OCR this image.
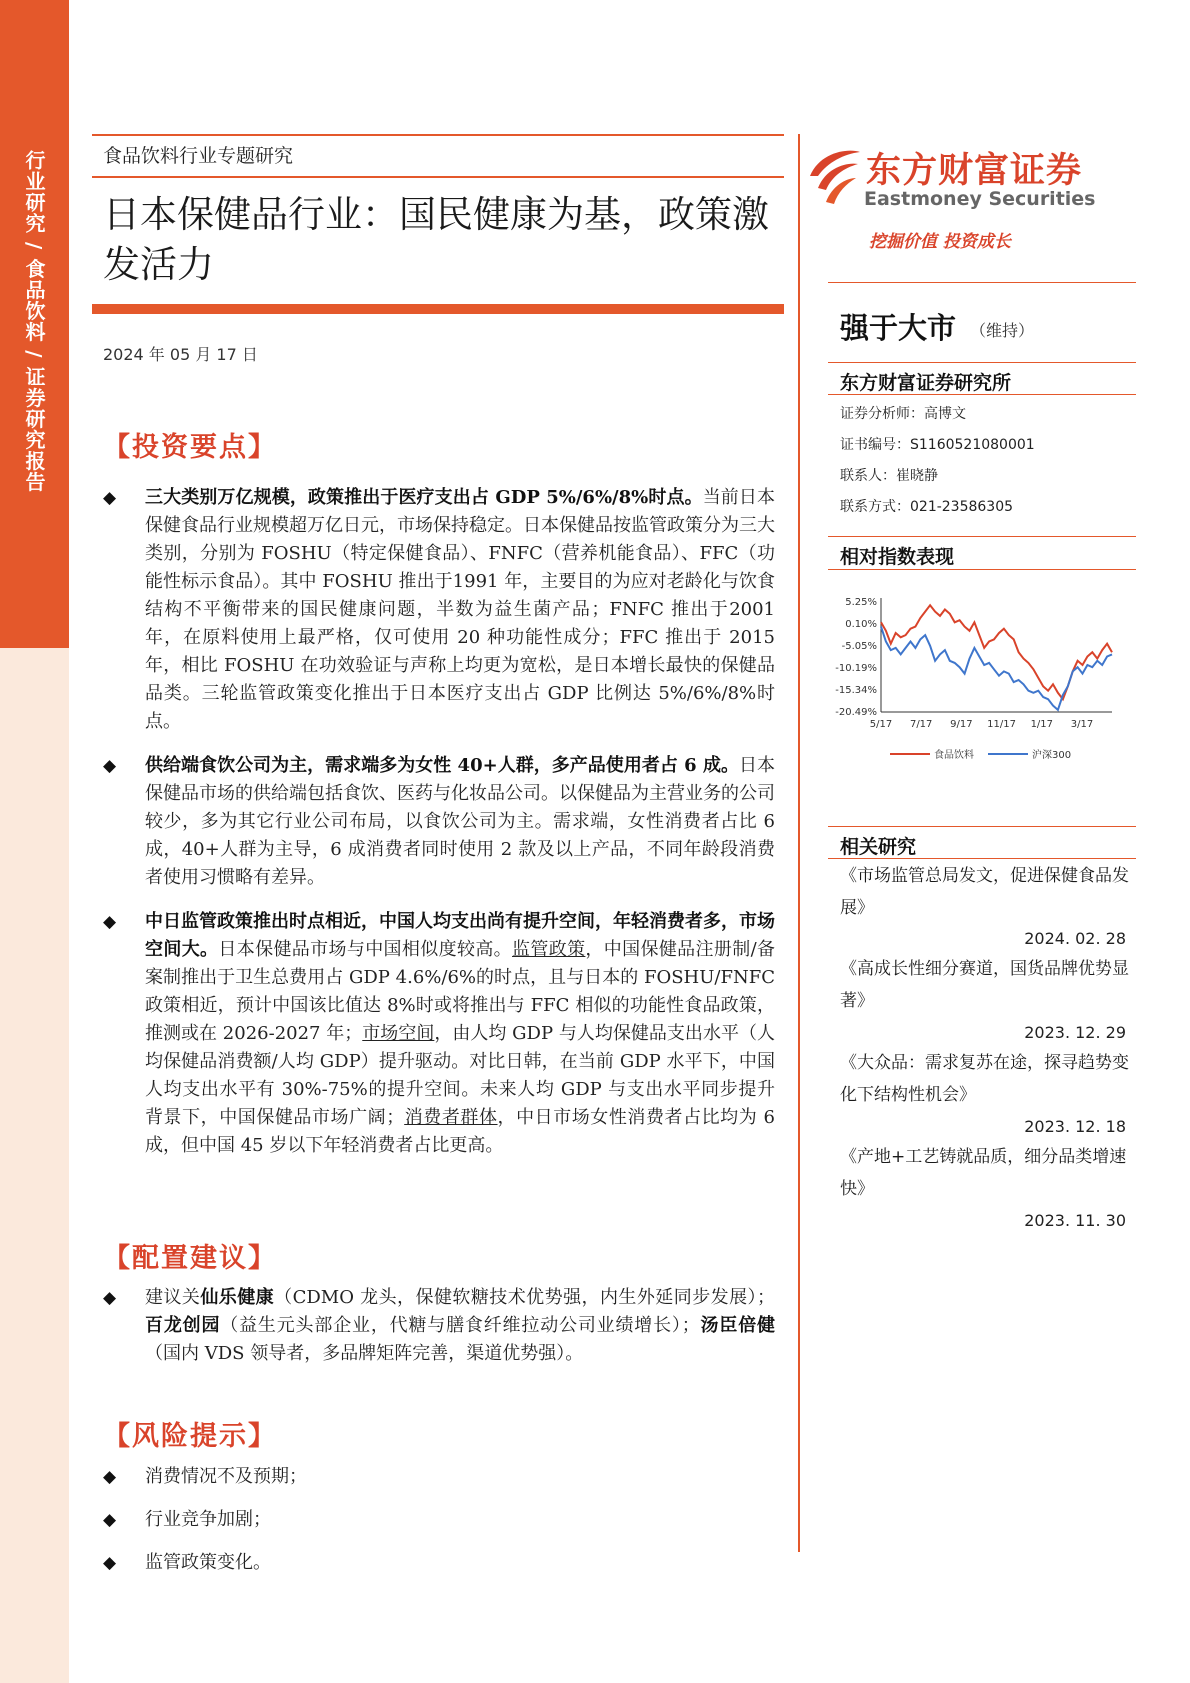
行业研究 / 食品饮料 / 证券研究报告	食品饮料行业专题研究
日本保健品行业：国民健康为基，政策激发活力
2024 年 05 月 17 日
【投资要点】
◆	三大类别万亿规模，政策推出于医疗支出占 GDP 5%/6%/8%时点。当前日本保健食品行业规模超万亿日元，市场保持稳定。日本保健品按监管政策分为三大类别，分别为 FOSHU（特定保健食品）、FNFC（营养机能食品）、FFC（功能性标示食品）。其中 FOSHU 推出于1991 年，主要目的为应对老龄化与饮食结构不平衡带来的国民健康问题，半数为益生菌产品；FNFC 推出于2001 年，在原料使用上最严格，仅可使用 20 种功能性成分；FFC 推出于 2015 年，相比 FOSHU 在功效验证与声称上均更为宽松，是日本增长最快的保健品品类。三轮监管政策变化推出于日本医疗支出占 GDP 比例达 5%/6%/8%时点。
◆	供给端食饮公司为主，需求端多为女性 40+人群，多产品使用者占 6 成。日本保健品市场的供给端包括食饮、医药与化妆品公司。以保健品为主营业务的公司较少，多为其它行业公司布局，以食饮公司为主。需求端，女性消费者占比 6 成，40+人群为主导，6 成消费者同时使用 2 款及以上产品，不同年龄段消费者使用习惯略有差异。
◆	中日监管政策推出时点相近，中国人均支出尚有提升空间，年轻消费者多，市场空间大。日本保健品市场与中国相似度较高。监管政策，中国保健品注册制/备案制推出于卫生总费用占 GDP 4.6%/6%的时点，且与日本的 FOSHU/FNFC 政策相近，预计中国该比值达 8%时或将推出与 FFC 相似的功能性食品政策，推测或在 2026-2027 年；市场空间，由人均 GDP 与人均保健品支出水平（人均保健品消费额/人均 GDP）提升驱动。对比日韩，在当前 GDP 水平下，中国人均支出水平有 30%-75%的提升空间。未来人均 GDP 与支出水平同步提升背景下，中国保健品市场广阔；消费者群体，中日市场女性消费者占比均为 6 成，但中国 45 岁以下年轻消费者占比更高。
【配置建议】
◆	建议关仙乐健康（CDMO 龙头，保健软糖技术优势强，内生外延同步发展）；百龙创园（益生元头部企业，代糖与膳食纤维拉动公司业绩增长）；汤臣倍健（国内 VDS 领导者，多品牌矩阵完善，渠道优势强）。
【风险提示】
◆	消费情况不及预期；
◆	行业竞争加剧；
◆	监管政策变化。
东方财富证券
Eastmoney Securities
挖掘价值 投资成长
强于大市 （维持）
东方财富证券研究所
证券分析师：高博文
证书编号：S1160521080001
联系人：崔晓静
联系方式：021-23586305
相对指数表现
5.25%
0.10%
-5.05%
-10.19%
-15.34%
-20.49%
5/17 7/17 9/17 11/17 1/17 3/17
食品饮料	沪深300
相关研究
《市场监管总局发文，促进保健食品发展》
2024. 02. 28
《高成长性细分赛道，国货品牌优势显著》
2023. 12. 29
《大众品：需求复苏在途，探寻趋势变化下结构性机会》
2023. 12. 18
《产地+工艺铸就品质，细分品类增速快》
2023. 11. 30
